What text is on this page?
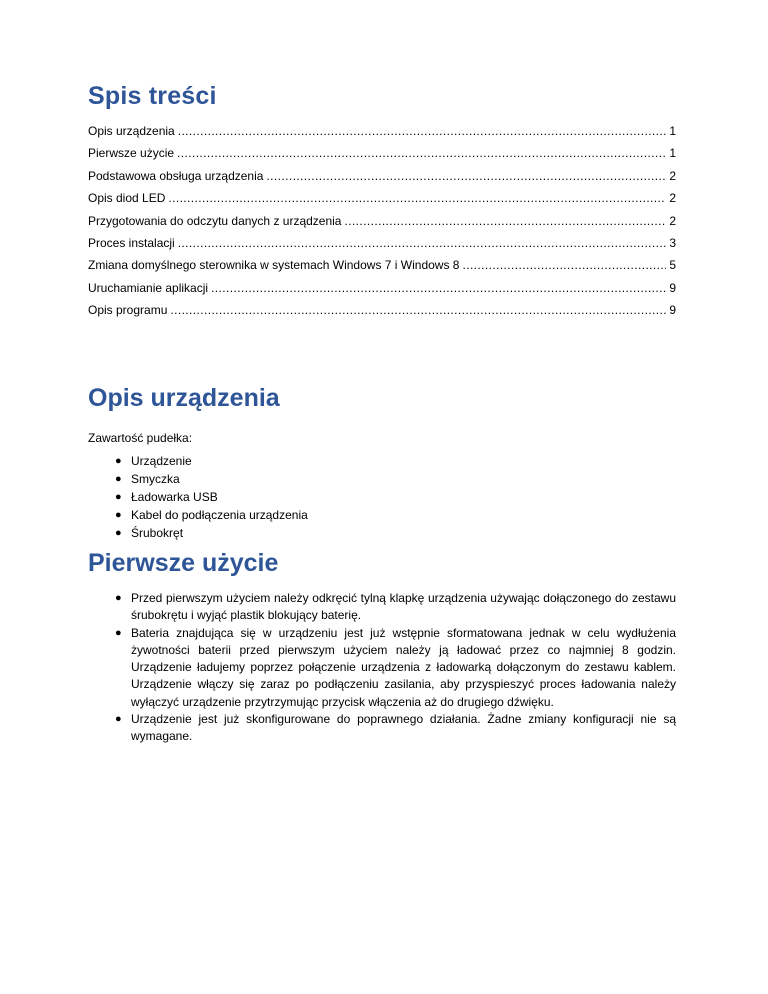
Spis treści
Opis urządzenia .....	1
Pierwsze użycie .....	1
Podstawowa obsługa urządzenia .....	2
Opis diod LED .....	2
Przygotowania do odczytu danych z urządzenia .....	2
Proces instalacji .....	3
Zmiana domyślnego sterownika w systemach Windows 7 i Windows 8 .....	5
Uruchamianie aplikacji .....	9
Opis programu .....	9
Opis urządzenia

Zawartość pudełka:

● Urządzenie
● Smyczka
● Ładowarka USB
● Kabel do podłączenia urządzenia
● Śrubokręt
Pierwsze użycie
● Przed pierwszym użyciem należy odkręcić tylną klapkę urządzenia używając dołączonego do zestawu śrubokrętu i wyjąć plastik blokujący baterię.
● Bateria znajdująca się w urządzeniu jest już wstępnie sformatowana jednak w celu wydłużenia żywotności baterii przed pierwszym użyciem należy ją ładować przez co najmniej 8 godzin. Urządzenie ładujemy poprzez połączenie urządzenia z ładowarką dołączonym do zestawu kablem. Urządzenie włączy się zaraz po podłączeniu zasilania, aby przyspieszyć proces ładowania należy wyłączyć urządzenie przytrzymując przycisk włączenia aż do drugiego dźwięku.
● Urządzenie jest już skonfigurowane do poprawnego działania. Żadne zmiany konfiguracji nie są wymagane.
